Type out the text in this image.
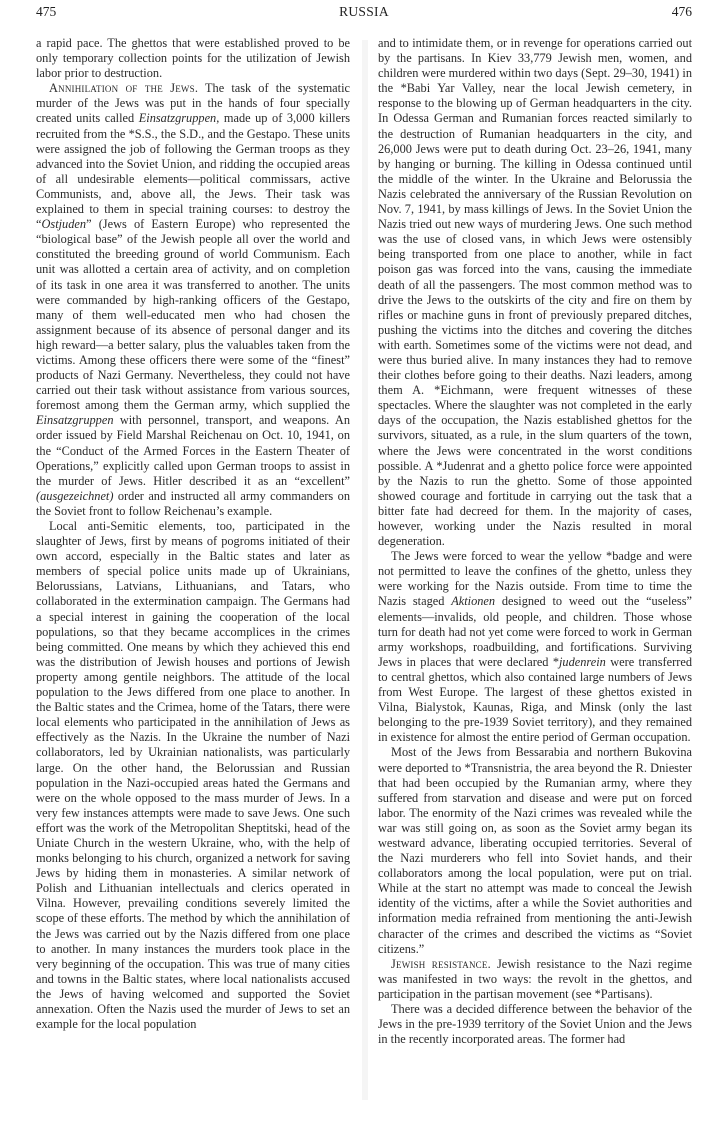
475	RUSSIA	476

a rapid pace. The ghettos that were established proved to be only temporary collection points for the utilization of Jewish labor prior to destruction.

Annihilation of the Jews. The task of the systematic murder of the Jews was put in the hands of four specially created units called Einsatzgruppen, made up of 3,000 killers recruited from the *S.S., the S.D., and the Gestapo. These units were assigned the job of following the German troops as they advanced into the Soviet Union, and ridding the occupied areas of all undesirable elements—political commissars, active Communists, and, above all, the Jews. Their task was explained to them in special training courses: to destroy the “Ostjuden” (Jews of Eastern Europe) who represented the “biological base” of the Jewish people all over the world and constituted the breeding ground of world Communism. Each unit was allotted a certain area of activity, and on completion of its task in one area it was transferred to another. The units were commanded by high-ranking officers of the Gestapo, many of them well-educated men who had chosen the assignment because of its absence of personal danger and its high reward—a better salary, plus the valuables taken from the victims. Among these officers there were some of the “finest” products of Nazi Germany. Nevertheless, they could not have carried out their task without assistance from various sources, foremost among them the German army, which supplied the Einsatzgruppen with personnel, transport, and weapons. An order issued by Field Marshal Reichenau on Oct. 10, 1941, on the “Conduct of the Armed Forces in the Eastern Theater of Operations,” explicitly called upon German troops to assist in the murder of Jews. Hitler described it as an “excellent” (ausgezeichnet) order and instructed all army commanders on the Soviet front to follow Reichenau’s example.

Local anti-Semitic elements, too, participated in the slaughter of Jews, first by means of pogroms initiated of their own accord, especially in the Baltic states and later as members of special police units made up of Ukrainians, Belorussians, Latvians, Lithuanians, and Tatars, who collaborated in the extermination campaign. The Germans had a special interest in gaining the cooperation of the local populations, so that they became accomplices in the crimes being committed. One means by which they achieved this end was the distribution of Jewish houses and portions of Jewish property among gentile neighbors. The attitude of the local population to the Jews differed from one place to another. In the Baltic states and the Crimea, home of the Tatars, there were local elements who participated in the annihilation of Jews as effectively as the Nazis. In the Ukraine the number of Nazi collaborators, led by Ukrainian nationalists, was particularly large. On the other hand, the Belorussian and Russian population in the Nazi-occupied areas hated the Germans and were on the whole opposed to the mass murder of Jews. In a very few instances attempts were made to save Jews. One such effort was the work of the Metropolitan Sheptitski, head of the Uniate Church in the western Ukraine, who, with the help of monks belonging to his church, organized a network for saving Jews by hiding them in monasteries. A similar network of Polish and Lithuanian intellectuals and clerics operated in Vilna. However, prevailing conditions severely limited the scope of these efforts. The method by which the annihilation of the Jews was carried out by the Nazis differed from one place to another. In many instances the murders took place in the very beginning of the occupation. This was true of many cities and towns in the Baltic states, where local nationalists accused the Jews of having welcomed and supported the Soviet annexation. Often the Nazis used the murder of Jews to set an example for the local population

and to intimidate them, or in revenge for operations carried out by the partisans. In Kiev 33,779 Jewish men, women, and children were murdered within two days (Sept. 29–30, 1941) in the *Babi Yar Valley, near the local Jewish cemetery, in response to the blowing up of German headquarters in the city. In Odessa German and Rumanian forces reacted similarly to the destruction of Rumanian headquarters in the city, and 26,000 Jews were put to death during Oct. 23–26, 1941, many by hanging or burning. The killing in Odessa continued until the middle of the winter. In the Ukraine and Belorussia the Nazis celebrated the anniversary of the Russian Revolution on Nov. 7, 1941, by mass killings of Jews. In the Soviet Union the Nazis tried out new ways of murdering Jews. One such method was the use of closed vans, in which Jews were ostensibly being transported from one place to another, while in fact poison gas was forced into the vans, causing the immediate death of all the passengers. The most common method was to drive the Jews to the outskirts of the city and fire on them by rifles or machine guns in front of previously prepared ditches, pushing the victims into the ditches and covering the ditches with earth. Sometimes some of the victims were not dead, and were thus buried alive. In many instances they had to remove their clothes before going to their deaths. Nazi leaders, among them A. *Eichmann, were frequent witnesses of these spectacles. Where the slaughter was not completed in the early days of the occupation, the Nazis established ghettos for the survivors, situated, as a rule, in the slum quarters of the town, where the Jews were concentrated in the worst conditions possible. A *Judenrat and a ghetto police force were appointed by the Nazis to run the ghetto. Some of those appointed showed courage and fortitude in carrying out the task that a bitter fate had decreed for them. In the majority of cases, however, working under the Nazis resulted in moral degeneration.

The Jews were forced to wear the yellow *badge and were not permitted to leave the confines of the ghetto, unless they were working for the Nazis outside. From time to time the Nazis staged Aktionen designed to weed out the “useless” elements—invalids, old people, and children. Those whose turn for death had not yet come were forced to work in German army workshops, roadbuilding, and fortifications. Surviving Jews in places that were declared *judenrein were transferred to central ghettos, which also contained large numbers of Jews from West Europe. The largest of these ghettos existed in Vilna, Bialystok, Kaunas, Riga, and Minsk (only the last belonging to the pre-1939 Soviet territory), and they remained in existence for almost the entire period of German occupation.

Most of the Jews from Bessarabia and northern Bukovina were deported to *Transnistria, the area beyond the R. Dniester that had been occupied by the Rumanian army, where they suffered from starvation and disease and were put on forced labor. The enormity of the Nazi crimes was revealed while the war was still going on, as soon as the Soviet army began its westward advance, liberating occupied territories. Several of the Nazi murderers who fell into Soviet hands, and their collaborators among the local population, were put on trial. While at the start no attempt was made to conceal the Jewish identity of the victims, after a while the Soviet authorities and information media refrained from mentioning the anti-Jewish character of the crimes and described the victims as “Soviet citizens.”

Jewish resistance. Jewish resistance to the Nazi regime was manifested in two ways: the revolt in the ghettos, and participation in the partisan movement (see *Partisans).

There was a decided difference between the behavior of the Jews in the pre-1939 territory of the Soviet Union and the Jews in the recently incorporated areas. The former had
